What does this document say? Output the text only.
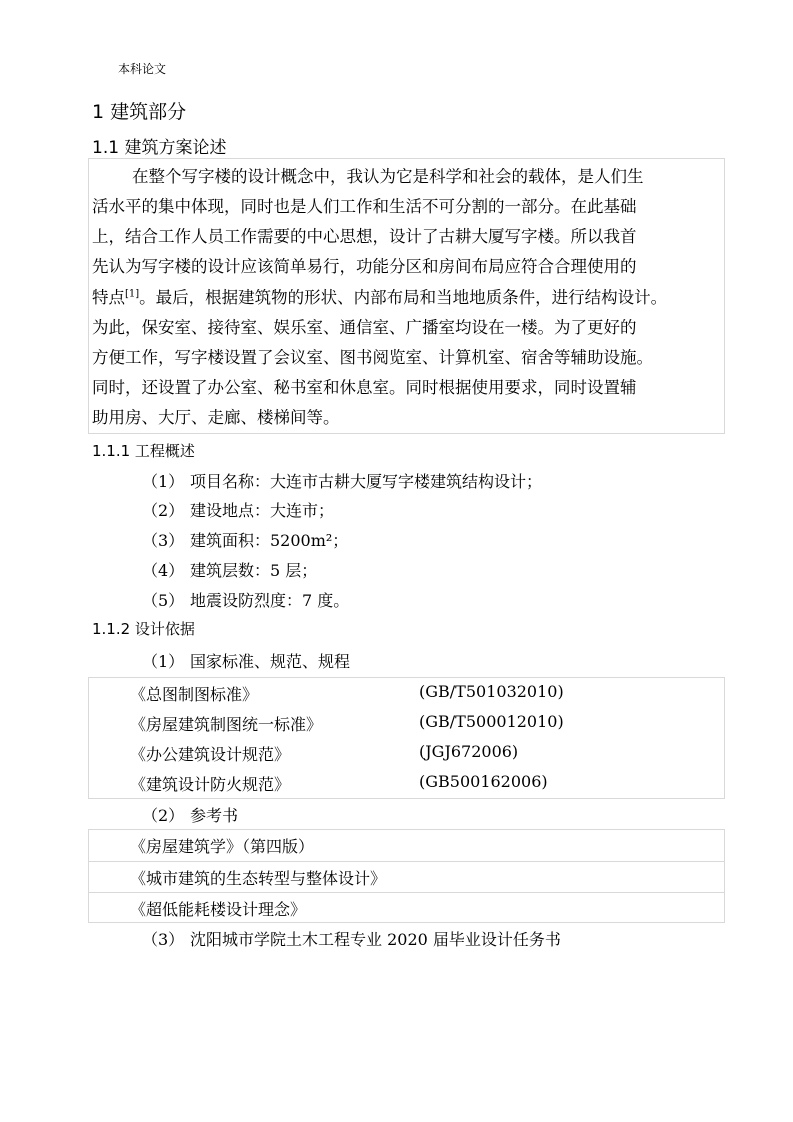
本科论文
1 建筑部分
1.1 建筑方案论述
在整个写字楼的设计概念中，我认为它是科学和社会的载体，是人们生
活水平的集中体现，同时也是人们工作和生活不可分割的一部分。在此基础
上，结合工作人员工作需要的中心思想，设计了古耕大厦写字楼。所以我首
先认为写字楼的设计应该简单易行，功能分区和房间布局应符合合理使用的
特点[1]。最后，根据建筑物的形状、内部布局和当地地质条件，进行结构设计。
为此，保安室、接待室、娱乐室、通信室、广播室均设在一楼。为了更好的
方便工作，写字楼设置了会议室、图书阅览室、计算机室、宿舍等辅助设施。
同时，还设置了办公室、秘书室和休息室。同时根据使用要求，同时设置辅
助用房、大厅、走廊、楼梯间等。
1.1.1 工程概述
（1） 项目名称：大连市古耕大厦写字楼建筑结构设计；
（2） 建设地点：大连市；
（3） 建筑面积：5200m²；
（4） 建筑层数：5 层；
（5） 地震设防烈度：7 度。
1.1.2 设计依据
（1） 国家标准、规范、规程
《总图制图标准》	(GB/T501032010)
《房屋建筑制图统一标准》	(GB/T500012010)
《办公建筑设计规范》	(JGJ672006)
《建筑设计防火规范》	(GB500162006)
（2） 参考书
《房屋建筑学》（第四版）
《城市建筑的生态转型与整体设计》
《超低能耗楼设计理念》
（3） 沈阳城市学院土木工程专业 2020 届毕业设计任务书
